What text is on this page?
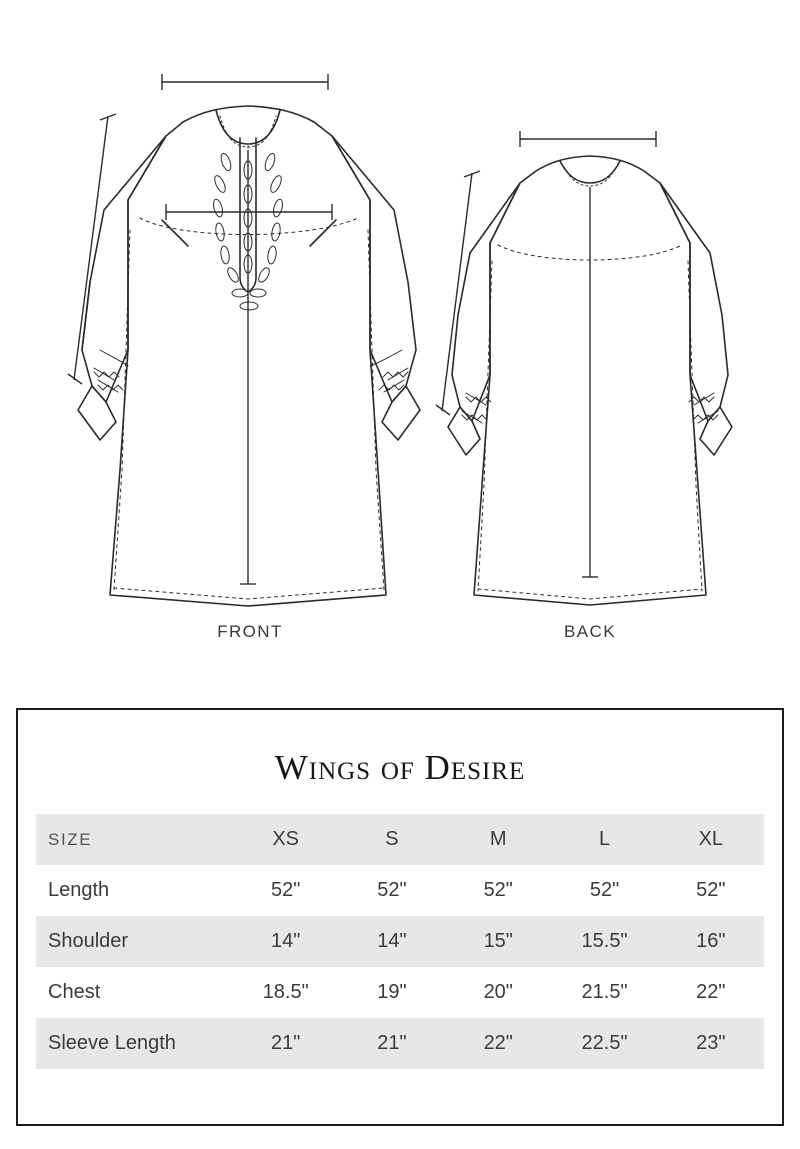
FRONT	BACK
Wings of Desire
SIZE	XS	S	M	L	XL
Length	52"	52"	52"	52"	52"
Shoulder	14"	14"	15"	15.5"	16"
Chest	18.5"	19"	20"	21.5"	22"
Sleeve Length	21"	21"	22"	22.5"	23"
